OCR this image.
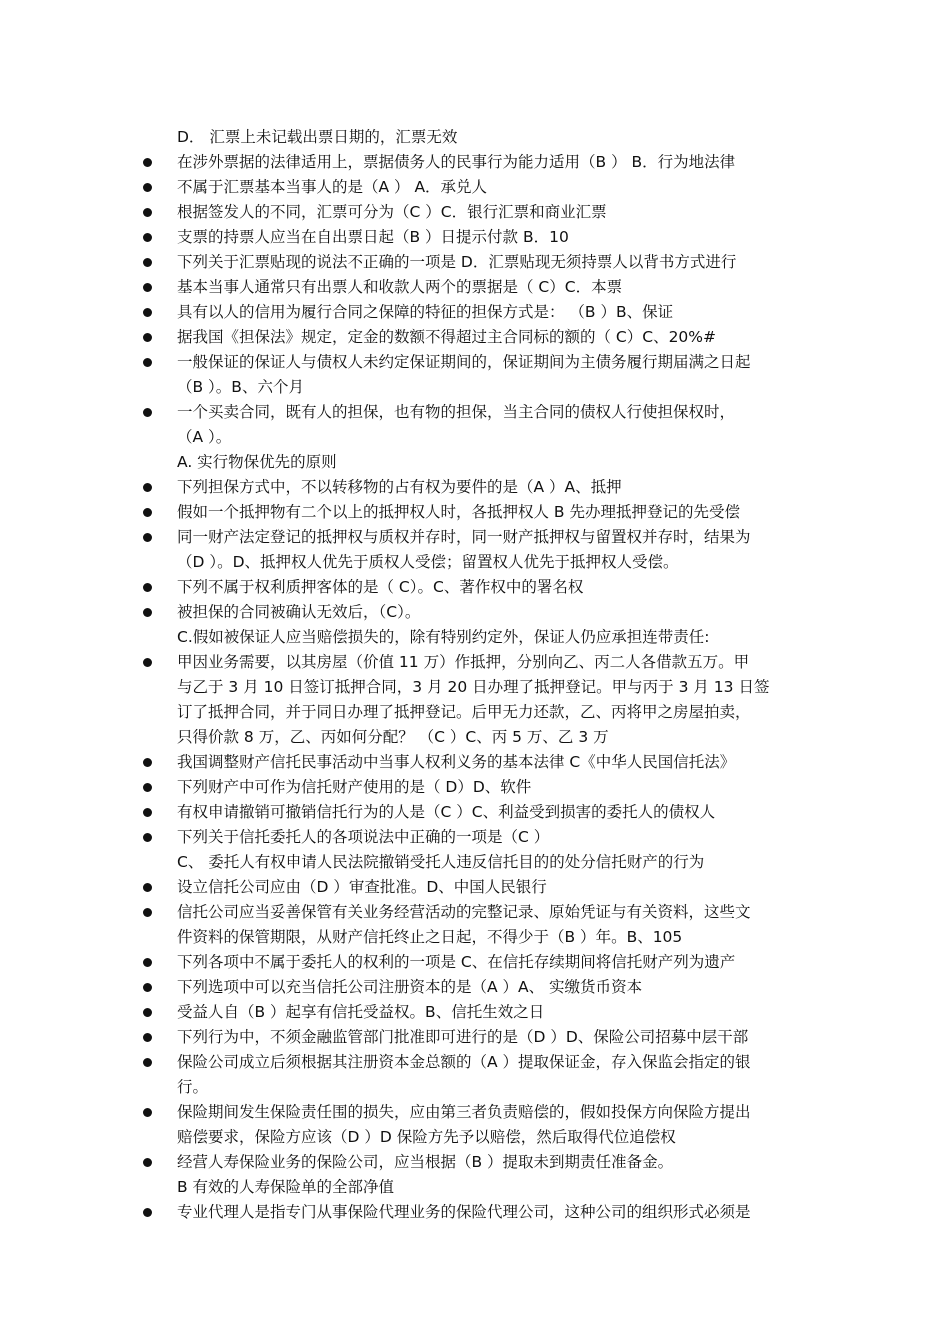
D． 汇票上未记载出票日期的，汇票无效
在涉外票据的法律适用上，票据债务人的民事行为能力适用（B ） B．行为地法律
不属于汇票基本当事人的是（A ） A．承兑人
根据签发人的不同，汇票可分为（C ）C．银行汇票和商业汇票
支票的持票人应当在自出票日起（B ）日提示付款 B．10
下列关于汇票贴现的说法不正确的一项是 D．汇票贴现无须持票人以背书方式进行
基本当事人通常只有出票人和收款人两个的票据是（ C）C．本票
具有以人的信用为履行合同之保障的特征的担保方式是： （B ）B、保证
据我国《担保法》规定，定金的数额不得超过主合同标的额的（ C）C、20%#
一般保证的保证人与债权人未约定保证期间的，保证期间为主债务履行期届满之日起
（B ）。B、六个月
一个买卖合同，既有人的担保，也有物的担保，当主合同的债权人行使担保权时，
（A ）。
A. 实行物保优先的原则
下列担保方式中，不以转移物的占有权为要件的是（A ）A、抵押
假如一个抵押物有二个以上的抵押权人时，各抵押权人 B 先办理抵押登记的先受偿
同一财产法定登记的抵押权与质权并存时，同一财产抵押权与留置权并存时，结果为
（D ）。D、抵押权人优先于质权人受偿；留置权人优先于抵押权人受偿。
下列不属于权利质押客体的是（ C）。C、著作权中的署名权
被担保的合同被确认无效后，（C）。
C.假如被保证人应当赔偿损失的，除有特别约定外，保证人仍应承担连带责任:
甲因业务需要，以其房屋（价值 11 万）作抵押，分别向乙、丙二人各借款五万。甲
与乙于 3 月 10 日签订抵押合同，3 月 20 日办理了抵押登记。甲与丙于 3 月 13 日签
订了抵押合同，并于同日办理了抵押登记。后甲无力还款，乙、丙将甲之房屋拍卖，
只得价款 8 万，乙、丙如何分配？ （C ）C、丙 5 万、乙 3 万
我国调整财产信托民事活动中当事人权利义务的基本法律 C《中华人民国信托法》
下列财产中可作为信托财产使用的是（ D）D、软件
有权申请撤销可撤销信托行为的人是（C ）C、利益受到损害的委托人的债权人
下列关于信托委托人的各项说法中正确的一项是（C ）
C、 委托人有权申请人民法院撤销受托人违反信托目的的处分信托财产的行为
设立信托公司应由（D ）审查批准。D、中国人民银行
信托公司应当妥善保管有关业务经营活动的完整记录、原始凭证与有关资料，这些文
件资料的保管期限，从财产信托终止之日起，不得少于（B ）年。B、105
下列各项中不属于委托人的权利的一项是 C、在信托存续期间将信托财产列为遗产
下列选项中可以充当信托公司注册资本的是（A ）A、 实缴货币资本
受益人自（B ）起享有信托受益权。B、信托生效之日
下列行为中，不须金融监管部门批准即可进行的是（D ）D、保险公司招募中层干部
保险公司成立后须根据其注册资本金总额的（A ）提取保证金，存入保监会指定的银
行。
保险期间发生保险责任围的损失，应由第三者负责赔偿的，假如投保方向保险方提出
赔偿要求，保险方应该（D ）D 保险方先予以赔偿，然后取得代位追偿权
经营人寿保险业务的保险公司，应当根据（B ）提取未到期责任准备金。
B 有效的人寿保险单的全部净值
专业代理人是指专门从事保险代理业务的保险代理公司，这种公司的组织形式必须是
